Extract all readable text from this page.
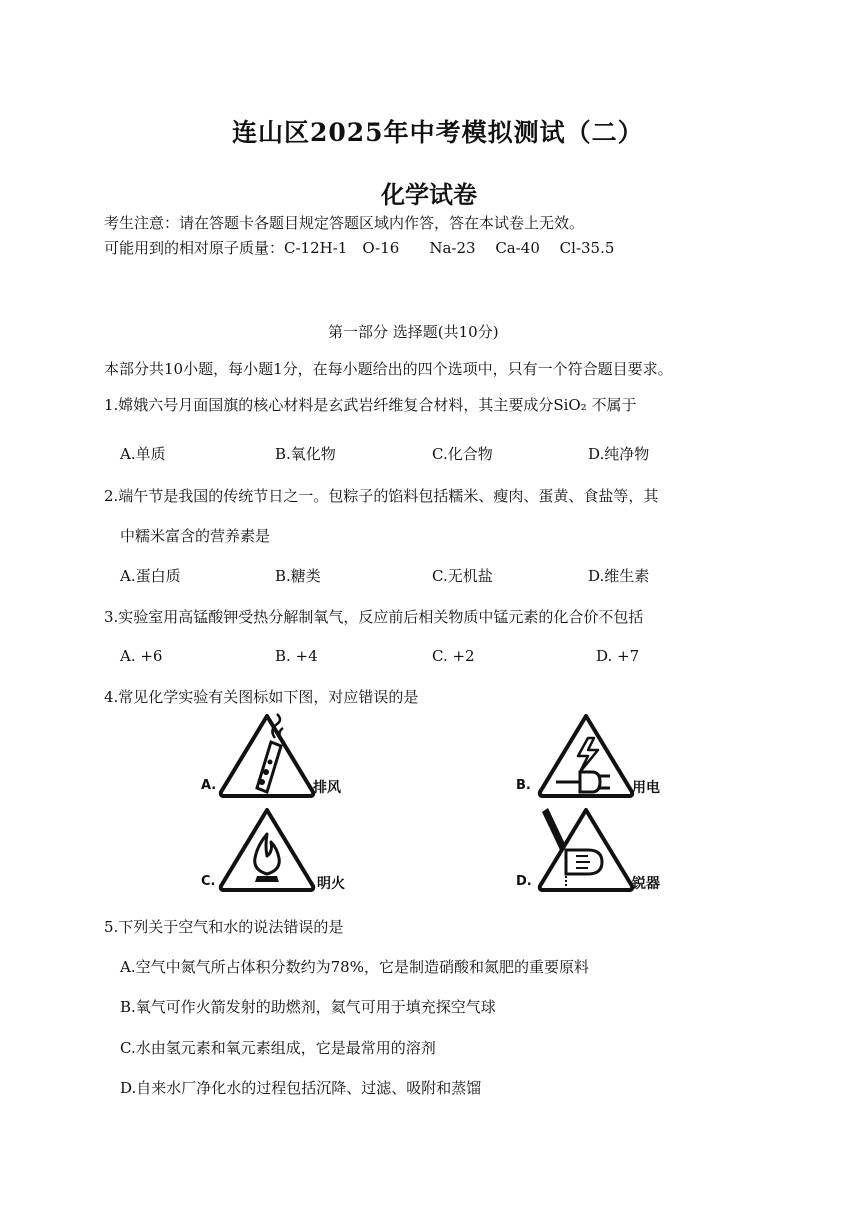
连山区2025年中考模拟测试（二）
化学试卷
考生注意：请在答题卡各题目规定答题区域内作答，答在本试卷上无效。
可能用到的相对原子质量：C-12H-1　O-16　　Na-23　 Ca-40　 Cl-35.5
第一部分 选择题(共10分)
本部分共10小题，每小题1分，在每小题给出的四个选项中，只有一个符合题目要求。
1.嫦娥六号月面国旗的核心材料是玄武岩纤维复合材料，其主要成分SiO₂ 不属于
A.单质	B.氧化物	C.化合物	D.纯净物
2.端午节是我国的传统节日之一。包粽子的馅料包括糯米、瘦肉、蛋黄、食盐等，其
中糯米富含的营养素是
A.蛋白质	B.糖类	C.无机盐	D.维生素
3.实验室用高锰酸钾受热分解制氧气，反应前后相关物质中锰元素的化合价不包括
A. +6	B. +4	C. +2	D. +7
4.常见化学实验有关图标如下图，对应错误的是
A.	排风	B.	用电
C.	明火	D.	锐器
5.下列关于空气和水的说法错误的是
A.空气中氮气所占体积分数约为78%，它是制造硝酸和氮肥的重要原料
B.氧气可作火箭发射的助燃剂，氦气可用于填充探空气球
C.水由氢元素和氧元素组成，它是最常用的溶剂
D.自来水厂净化水的过程包括沉降、过滤、吸附和蒸馏
